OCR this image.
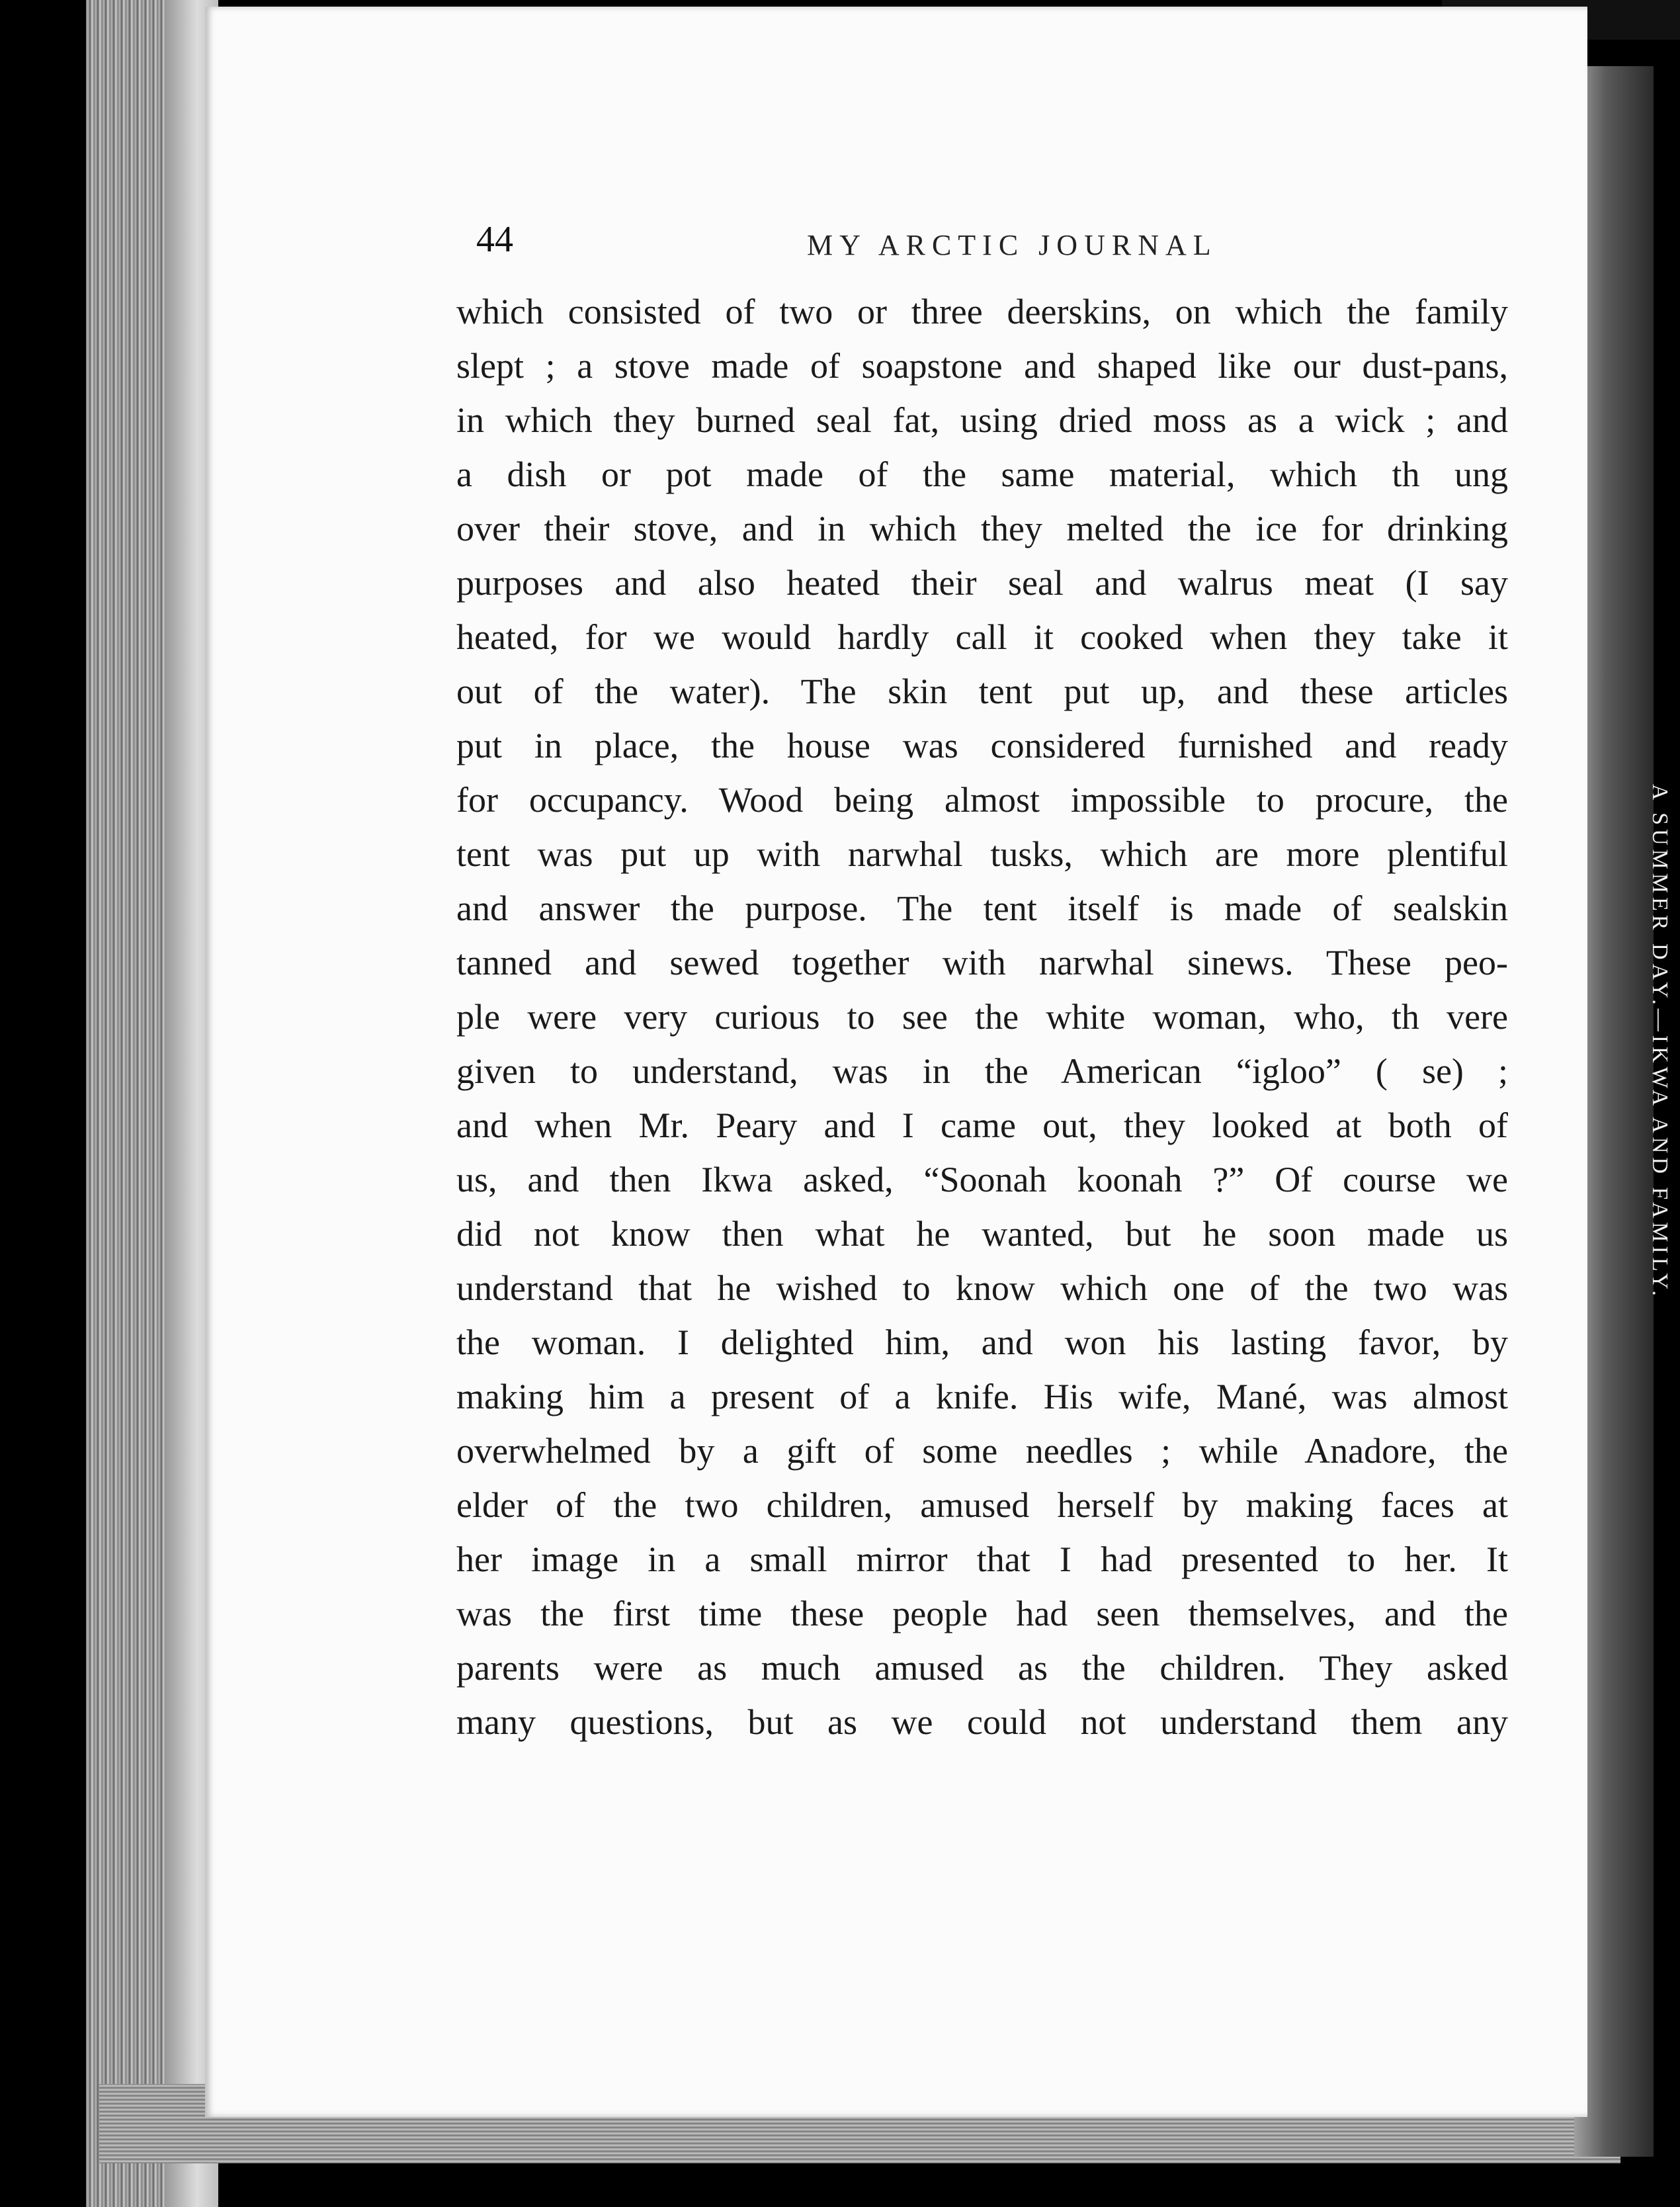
44	MY ARCTIC JOURNAL
which consisted of two or three deerskins, on which the family
slept ; a stove made of soapstone and shaped like our dust-pans,
in which they burned seal fat, using dried moss as a wick ; and
a dish or pot made of the same material, which th ung
over their stove, and in which they melted the ice for drinking
purposes and also heated their seal and walrus meat (I say
heated, for we would hardly call it cooked when they take it
out of the water). The skin tent put up, and these articles
put in place, the house was considered furnished and ready
for occupancy. Wood being almost impossible to procure, the
tent was put up with narwhal tusks, which are more plentiful
and answer the purpose. The tent itself is made of sealskin
tanned and sewed together with narwhal sinews. These peo-
ple were very curious to see the white woman, who, th vere
given to understand, was in the American “igloo” ( se) ;
and when Mr. Peary and I came out, they looked at both of
us, and then Ikwa asked, “Soonah koonah ?” Of course we
did not know then what he wanted, but he soon made us
understand that he wished to know which one of the two was
the woman. I delighted him, and won his lasting favor, by
making him a present of a knife. His wife, Mané, was almost
overwhelmed by a gift of some needles ; while Anadore, the
elder of the two children, amused herself by making faces at
her image in a small mirror that I had presented to her. It
was the first time these people had seen themselves, and the
parents were as much amused as the children. They asked
many questions, but as we could not understand them any
A SUMMER DAY.—IKWA AND FAMILY.
